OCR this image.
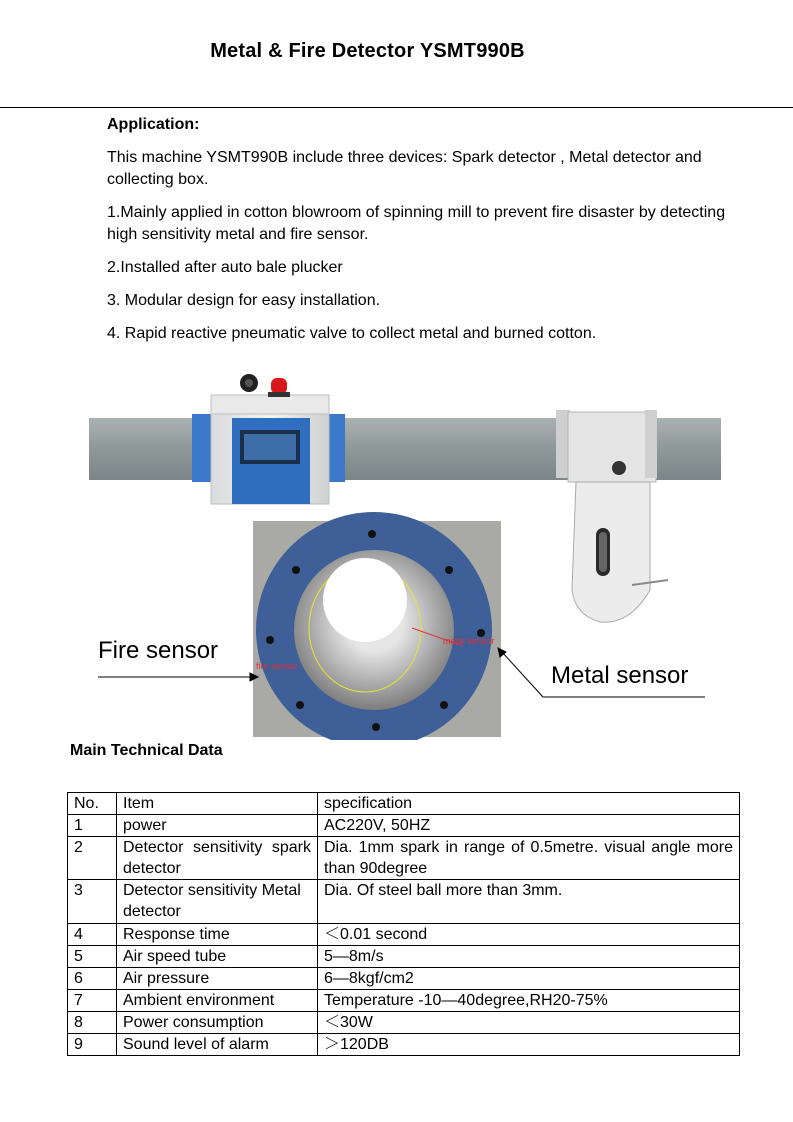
Metal & Fire Detector YSMT990B
Application:

This machine YSMT990B include three devices: Spark detector , Metal detector and collecting box.

1.Mainly applied in cotton blowroom of spinning mill to prevent fire disaster by detecting high sensitivity metal and fire sensor.

2.Installed after auto bale plucker

3. Modular design for easy installation.

4. Rapid reactive pneumatic valve to collect metal and burned cotton.

metal sensor
fire sensor
Fire sensor
Metal sensor
Main Technical Data
No.	Item	specification
1	power	AC220V, 50HZ
2	Detector sensitivity spark detector	Dia. 1mm spark in range of 0.5metre. visual angle more than 90degree
3	Detector sensitivity Metal detector	Dia. Of steel ball more than 3mm.
4	Response time	＜0.01 second
5	Air speed tube	5—8m/s
6	Air pressure	6—8kgf/cm2
7	Ambient environment	Temperature -10—40degree,RH20-75%
8	Power consumption	＜30W
9	Sound level of alarm	＞120DB
